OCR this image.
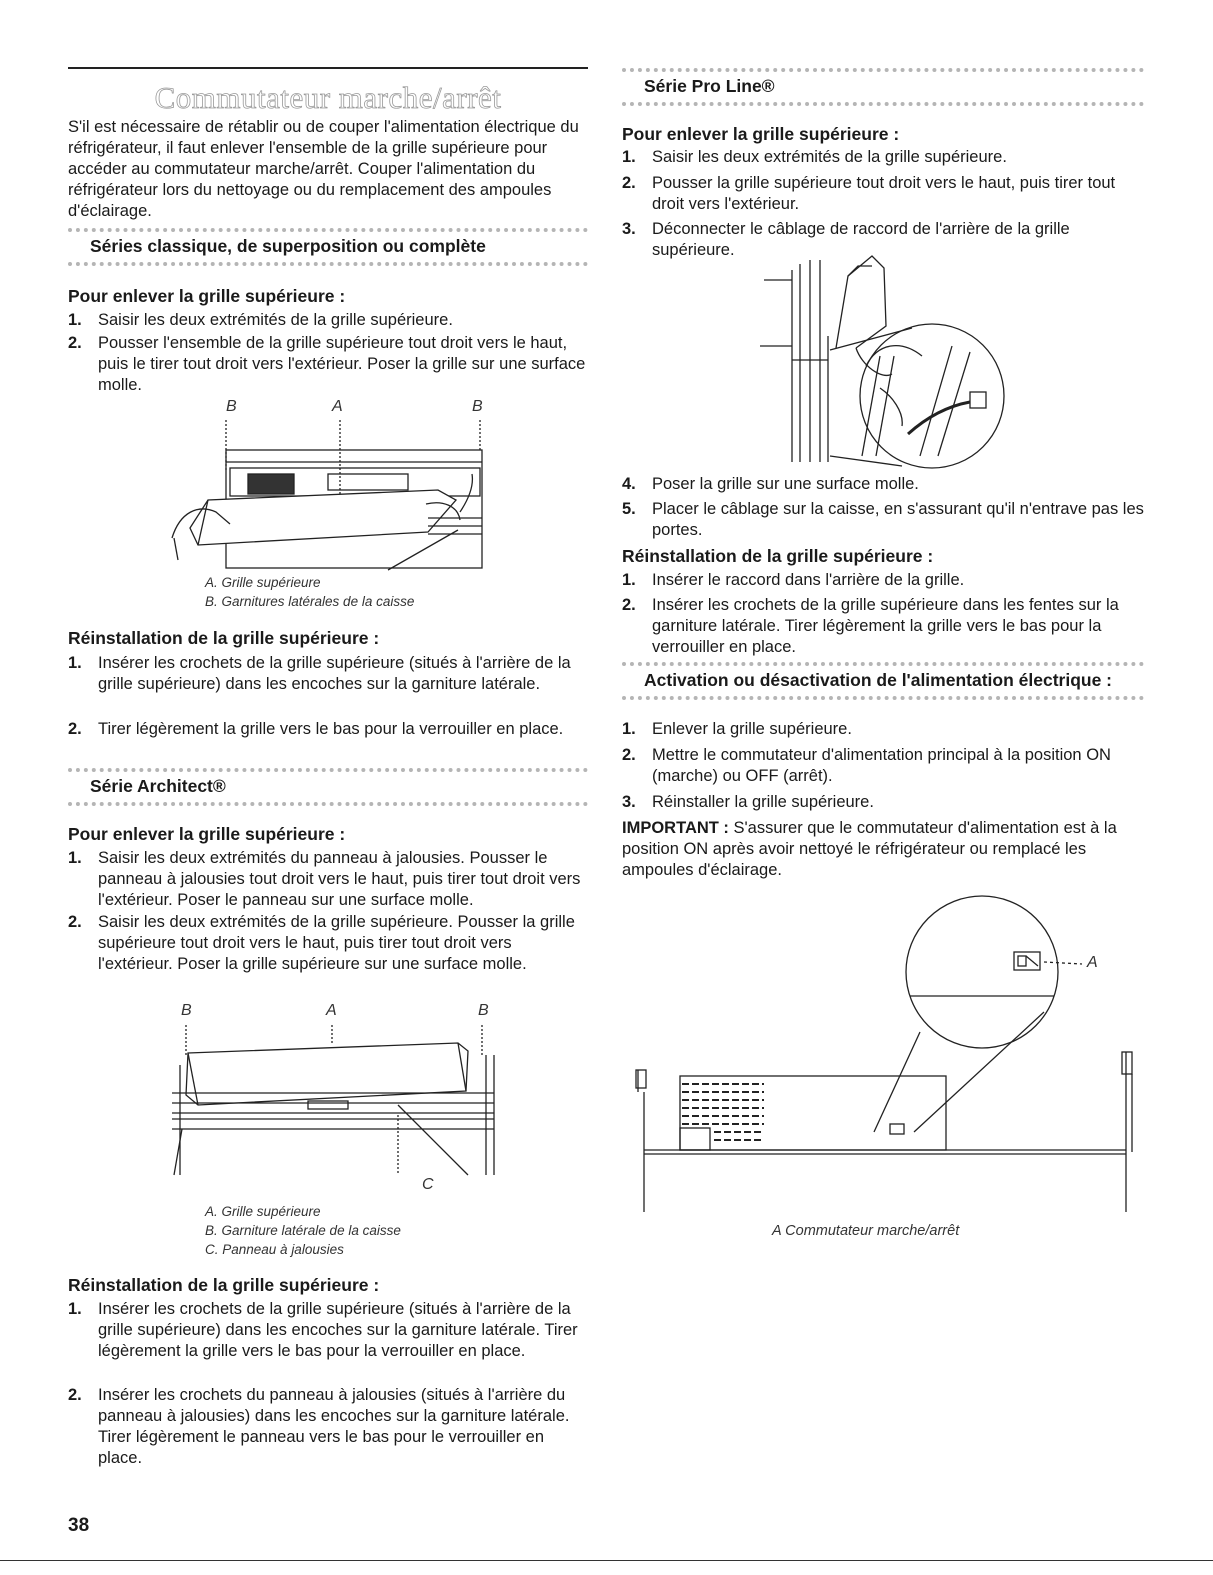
Commutateur marche/arrêt
S'il est nécessaire de rétablir ou de couper l'alimentation électrique du réfrigérateur, il faut enlever l'ensemble de la grille supérieure pour accéder au commutateur marche/arrêt. Couper l'alimentation du réfrigérateur lors du nettoyage ou du remplacement des ampoules d'éclairage.
Séries classique, de superposition ou complète
Pour enlever la grille supérieure :
1. Saisir les deux extrémités de la grille supérieure.
2. Pousser l'ensemble de la grille supérieure tout droit vers le haut, puis le tirer tout droit vers l'extérieur. Poser la grille sur une surface molle.
B	A	B
A. Grille supérieure
B. Garnitures latérales de la caisse
Réinstallation de la grille supérieure :
1. Insérer les crochets de la grille supérieure (situés à l'arrière de la grille supérieure) dans les encoches sur la garniture latérale.
2. Tirer légèrement la grille vers le bas pour la verrouiller en place.
Série Architect®
Pour enlever la grille supérieure :
1. Saisir les deux extrémités du panneau à jalousies. Pousser le panneau à jalousies tout droit vers le haut, puis tirer tout droit vers l'extérieur. Poser le panneau sur une surface molle.
2. Saisir les deux extrémités de la grille supérieure. Pousser la grille supérieure tout droit vers le haut, puis tirer tout droit vers l'extérieur. Poser la grille supérieure sur une surface molle.
B	A	B
C
A. Grille supérieure
B. Garniture latérale de la caisse
C. Panneau à jalousies
Réinstallation de la grille supérieure :
1. Insérer les crochets de la grille supérieure (situés à l'arrière de la grille supérieure) dans les encoches sur la garniture latérale. Tirer légèrement la grille vers le bas pour la verrouiller en place.
2. Insérer les crochets du panneau à jalousies (situés à l'arrière du panneau à jalousies) dans les encoches sur la garniture latérale. Tirer légèrement le panneau vers le bas pour le verrouiller en place.
Série Pro Line®
Pour enlever la grille supérieure :
1. Saisir les deux extrémités de la grille supérieure.
2. Pousser la grille supérieure tout droit vers le haut, puis tirer tout droit vers l'extérieur.
3. Déconnecter le câblage de raccord de l'arrière de la grille supérieure.
4. Poser la grille sur une surface molle.
5. Placer le câblage sur la caisse, en s'assurant qu'il n'entrave pas les portes.
Réinstallation de la grille supérieure :
1. Insérer le raccord dans l'arrière de la grille.
2. Insérer les crochets de la grille supérieure dans les fentes sur la garniture latérale. Tirer légèrement la grille vers le bas pour la verrouiller en place.
Activation ou désactivation de l'alimentation électrique :
1. Enlever la grille supérieure.
2. Mettre le commutateur d'alimentation principal à la position ON (marche) ou OFF (arrêt).
3. Réinstaller la grille supérieure.
IMPORTANT : S'assurer que le commutateur d'alimentation est à la position ON après avoir nettoyé le réfrigérateur ou remplacé les ampoules d'éclairage.
A
A Commutateur marche/arrêt
38
